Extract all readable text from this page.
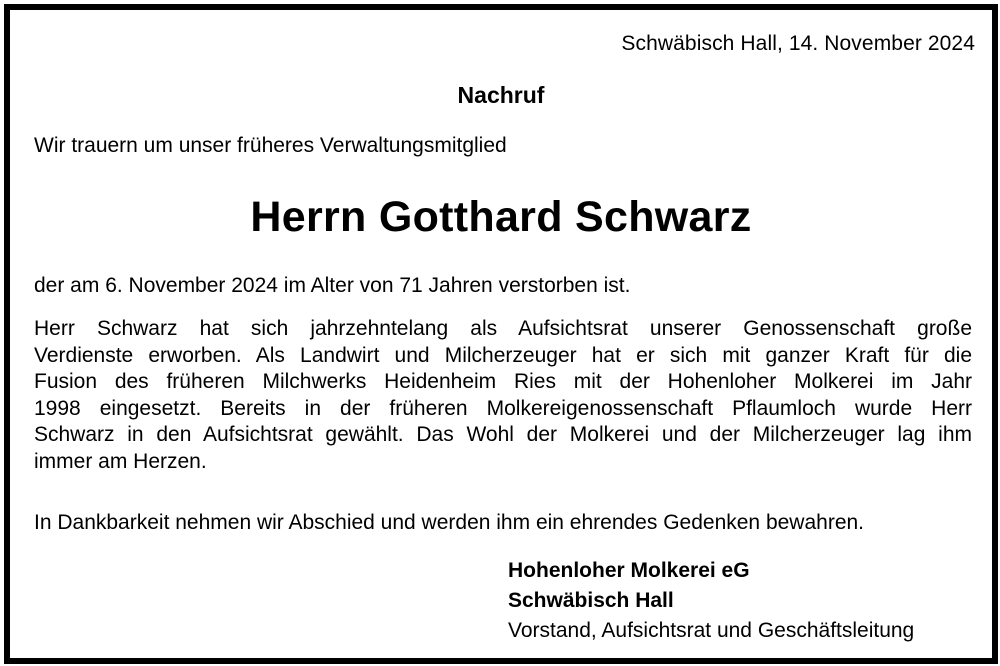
Schwäbisch Hall, 14. November 2024
Nachruf
Wir trauern um unser früheres Verwaltungsmitglied
Herrn Gotthard Schwarz
der am 6. November 2024 im Alter von 71 Jahren verstorben ist.
Herr Schwarz hat sich jahrzehntelang als Aufsichtsrat unserer Genossenschaft große
Verdienste erworben. Als Landwirt und Milcherzeuger hat er sich mit ganzer Kraft für die
Fusion des früheren Milchwerks Heidenheim Ries mit der Hohenloher Molkerei im Jahr
1998 eingesetzt. Bereits in der früheren Molkereigenossenschaft Pflaumloch wurde Herr
Schwarz in den Aufsichtsrat gewählt. Das Wohl der Molkerei und der Milcherzeuger lag ihm
immer am Herzen.
In Dankbarkeit nehmen wir Abschied und werden ihm ein ehrendes Gedenken bewahren.
Hohenloher Molkerei eG
Schwäbisch Hall
Vorstand, Aufsichtsrat und Geschäftsleitung
